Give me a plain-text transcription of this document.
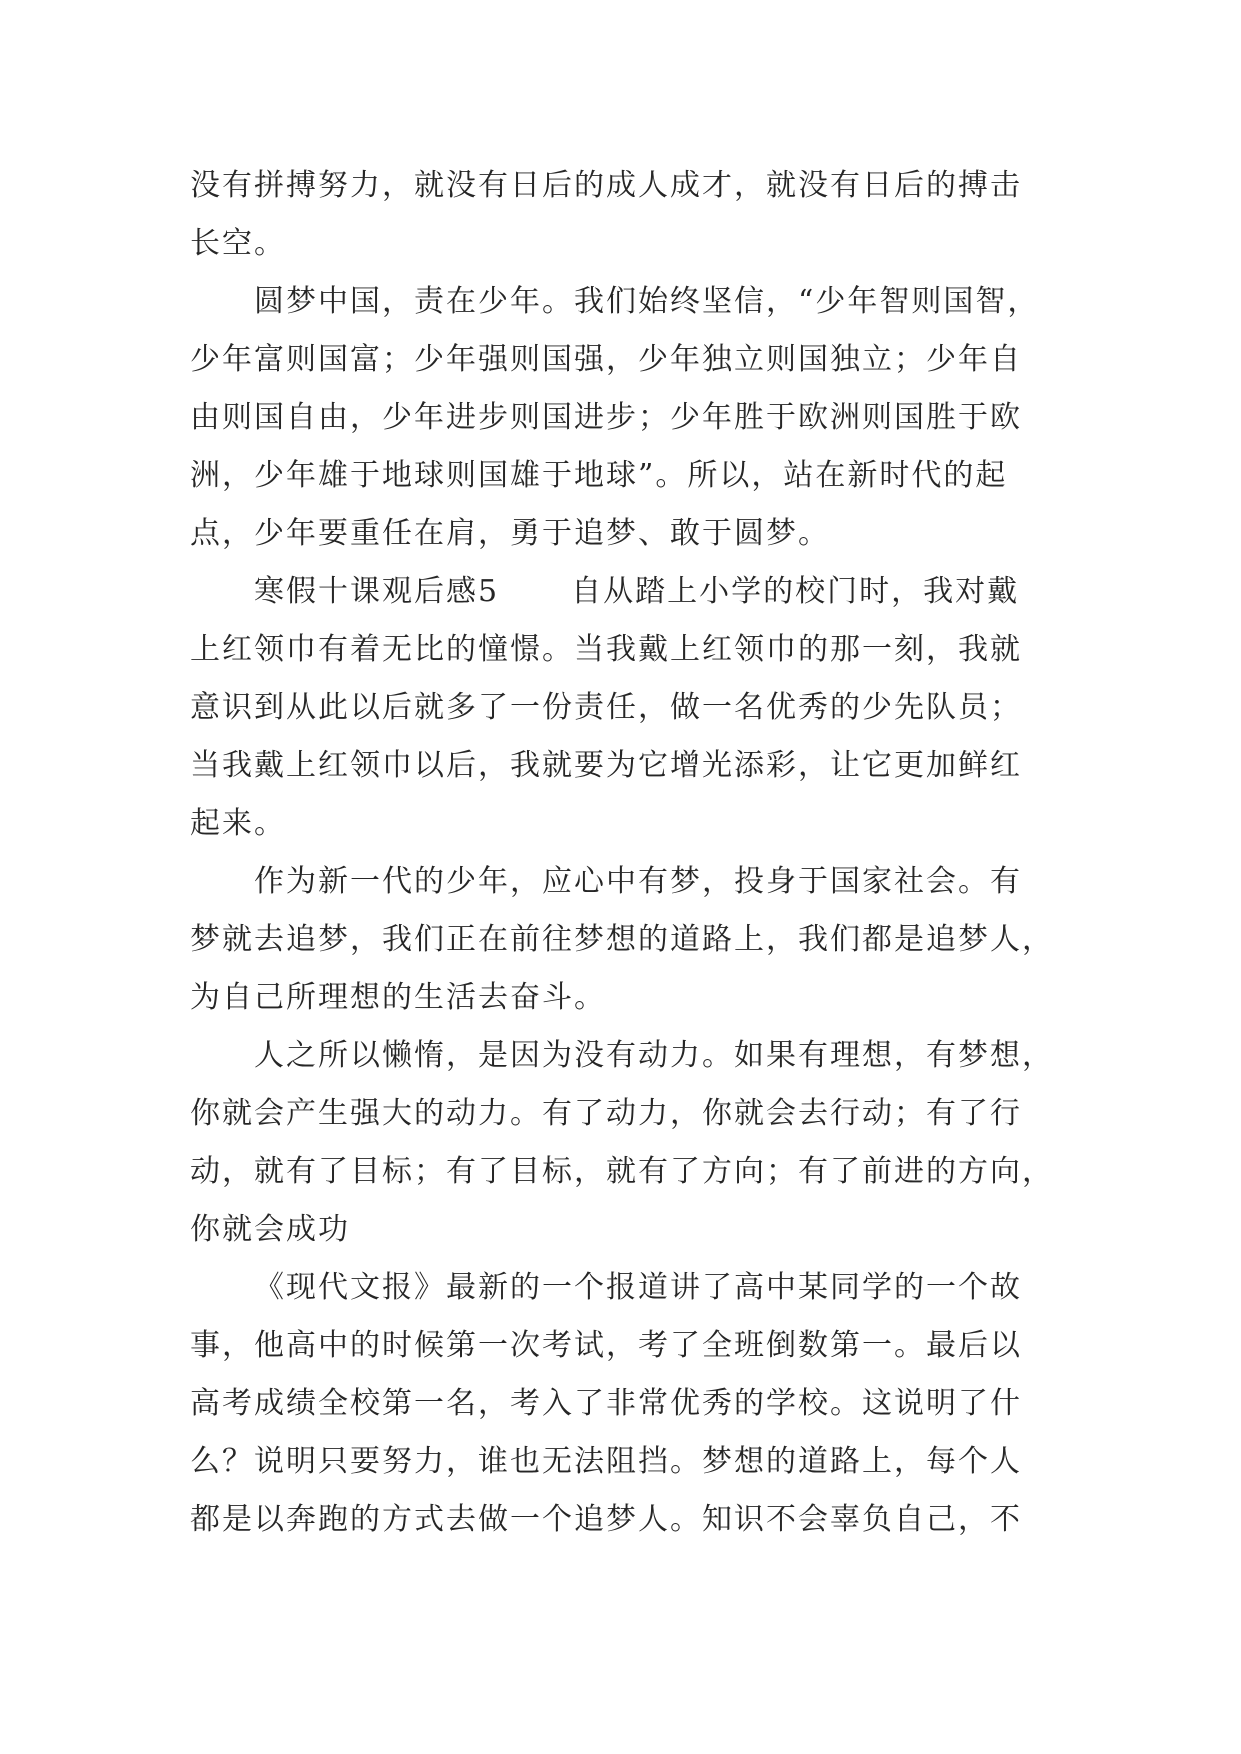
没有拼搏努力，就没有日后的成人成才，就没有日后的搏击
长空。
圆梦中国，责在少年。我们始终坚信，“少年智则国智，
少年富则国富；少年强则国强，少年独立则国独立；少年自
由则国自由，少年进步则国进步；少年胜于欧洲则国胜于欧
洲，少年雄于地球则国雄于地球”。所以，站在新时代的起
点，少年要重任在肩，勇于追梦、敢于圆梦。
寒假十课观后感5 自从踏上小学的校门时，我对戴
上红领巾有着无比的憧憬。当我戴上红领巾的那一刻，我就
意识到从此以后就多了一份责任，做一名优秀的少先队员；
当我戴上红领巾以后，我就要为它增光添彩，让它更加鲜红
起来。
作为新一代的少年，应心中有梦，投身于国家社会。有
梦就去追梦，我们正在前往梦想的道路上，我们都是追梦人，
为自己所理想的生活去奋斗。
人之所以懒惰，是因为没有动力。如果有理想，有梦想，
你就会产生强大的动力。有了动力，你就会去行动；有了行
动，就有了目标；有了目标，就有了方向；有了前进的方向，
你就会成功
《现代文报》最新的一个报道讲了高中某同学的一个故
事，他高中的时候第一次考试，考了全班倒数第一。最后以
高考成绩全校第一名，考入了非常优秀的学校。这说明了什
么？说明只要努力，谁也无法阻挡。梦想的道路上，每个人
都是以奔跑的方式去做一个追梦人。知识不会辜负自己，不
